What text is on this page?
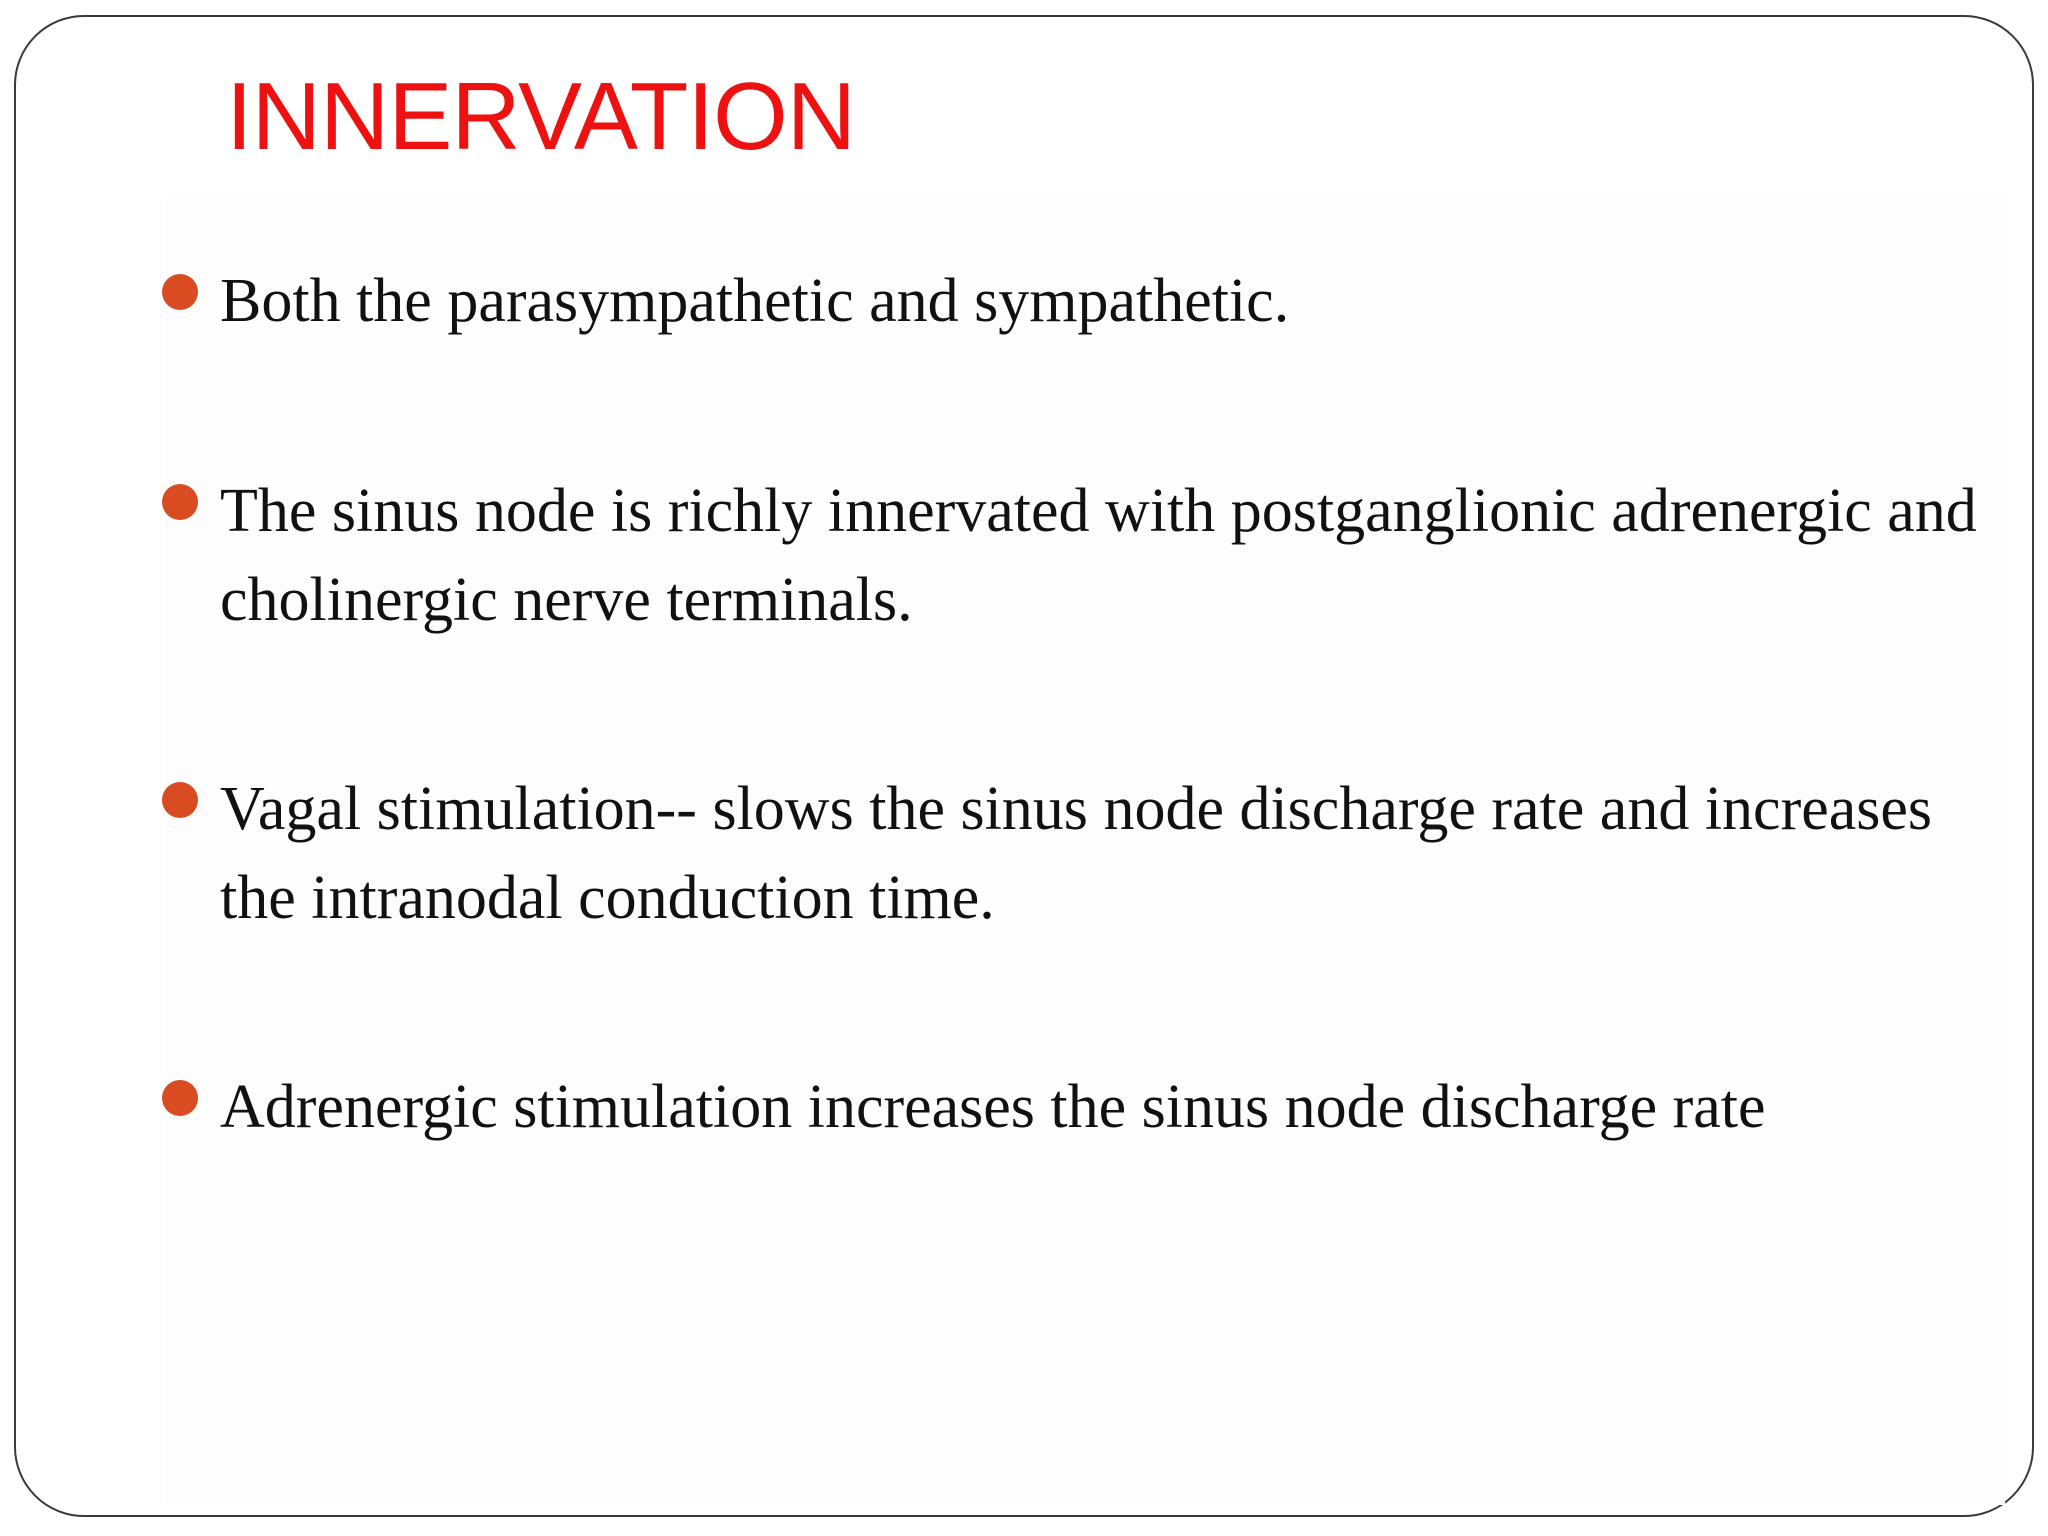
INNERVATION

Both the parasympathetic and sympathetic.

The sinus node is richly innervated with postganglionic adrenergic and cholinergic nerve terminals.

Vagal stimulation-- slows the sinus node discharge rate and increases the intranodal conduction time.

Adrenergic stimulation increases the sinus node discharge rate
